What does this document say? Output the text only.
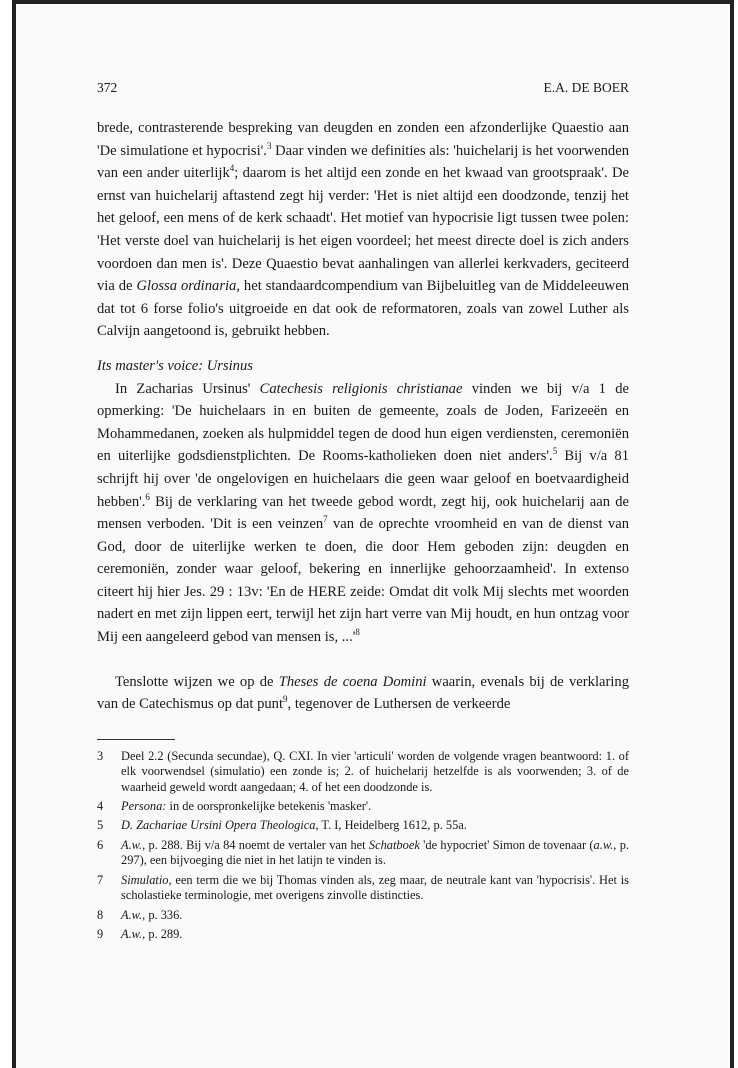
372	E.A. DE BOER

brede, contrasterende bespreking van deugden en zonden een afzonderlijke Quaestio aan 'De simulatione et hypocrisi'.$^3$ Daar vinden we definities als: 'huichelarij is het voorwenden van een ander uiterlijk$^4$; daarom is het altijd een zonde en het kwaad van grootspraak'. De ernst van huichelarij aftastend zegt hij verder: 'Het is niet altijd een doodzonde, tenzij het het geloof, een mens of de kerk schaadt'. Het motief van hypocrisie ligt tussen twee polen: 'Het verste doel van huichelarij is het eigen voordeel; het meest directe doel is zich anders voordoen dan men is'. Deze Quaestio bevat aanhalingen van allerlei kerkvaders, geciteerd via de Glossa ordinaria, het standaardcompendium van Bijbeluitleg van de Middeleeuwen dat tot 6 forse folio's uitgroeide en dat ook de reformatoren, zoals van zowel Luther als Calvijn aangetoond is, gebruikt hebben.

Its master's voice: Ursinus

In Zacharias Ursinus' Catechesis religionis christianae vinden we bij v/a 1 de opmerking: 'De huichelaars in en buiten de gemeente, zoals de Joden, Farizeeën en Mohammedanen, zoeken als hulpmiddel tegen de dood hun eigen verdiensten, ceremoniën en uiterlijke godsdienstplichten. De Rooms-katholieken doen niet anders'.$^5$ Bij v/a 81 schrijft hij over 'de ongelovigen en huichelaars die geen waar geloof en boetvaardigheid hebben'.$^6$ Bij de verklaring van het tweede gebod wordt, zegt hij, ook huichelarij aan de mensen verboden. 'Dit is een veinzen$^7$ van de oprechte vroomheid en van de dienst van God, door de uiterlijke werken te doen, die door Hem geboden zijn: deugden en ceremoniën, zonder waar geloof, bekering en innerlijke gehoorzaamheid'. In extenso citeert hij hier Jes. 29 : 13v: 'En de HERE zeide: Omdat dit volk Mij slechts met woorden nadert en met zijn lippen eert, terwijl het zijn hart verre van Mij houdt, en hun ontzag voor Mij een aangeleerd gebod van mensen is, $...'^8$

Tenslotte wijzen we op de Theses de coena Domini waarin, evenals bij de verklaring van de Catechismus op dat punt$^9$, tegenover de Luthersen de verkeerde

3	Deel 2.2 (Secunda secundae), Q. CXI. In vier 'articuli' worden de volgende vragen beantwoord: 1. of elk voorwendsel (simulatio) een zonde is; 2. of huichelarij hetzelfde is als voorwenden; 3. of de waarheid geweld wordt aangedaan; 4. of het een doodzonde is.
4	Persona: in de oorspronkelijke betekenis 'masker'.
5	D. Zachariae Ursini Opera Theologica, T. I, Heidelberg 1612, p. 55a.
6	A.w., p. 288. Bij v/a 84 noemt de vertaler van het Schatboek 'de hypocriet' Simon de tovenaar (a.w., p. 297), een bijvoeging die niet in het latijn te vinden is.
7	Simulatio, een term die we bij Thomas vinden als, zeg maar, de neutrale kant van 'hypocrisis'. Het is scholastieke terminologie, met overigens zinvolle distincties.
8	A.w., p. 336.
9	A.w., p. 289.
